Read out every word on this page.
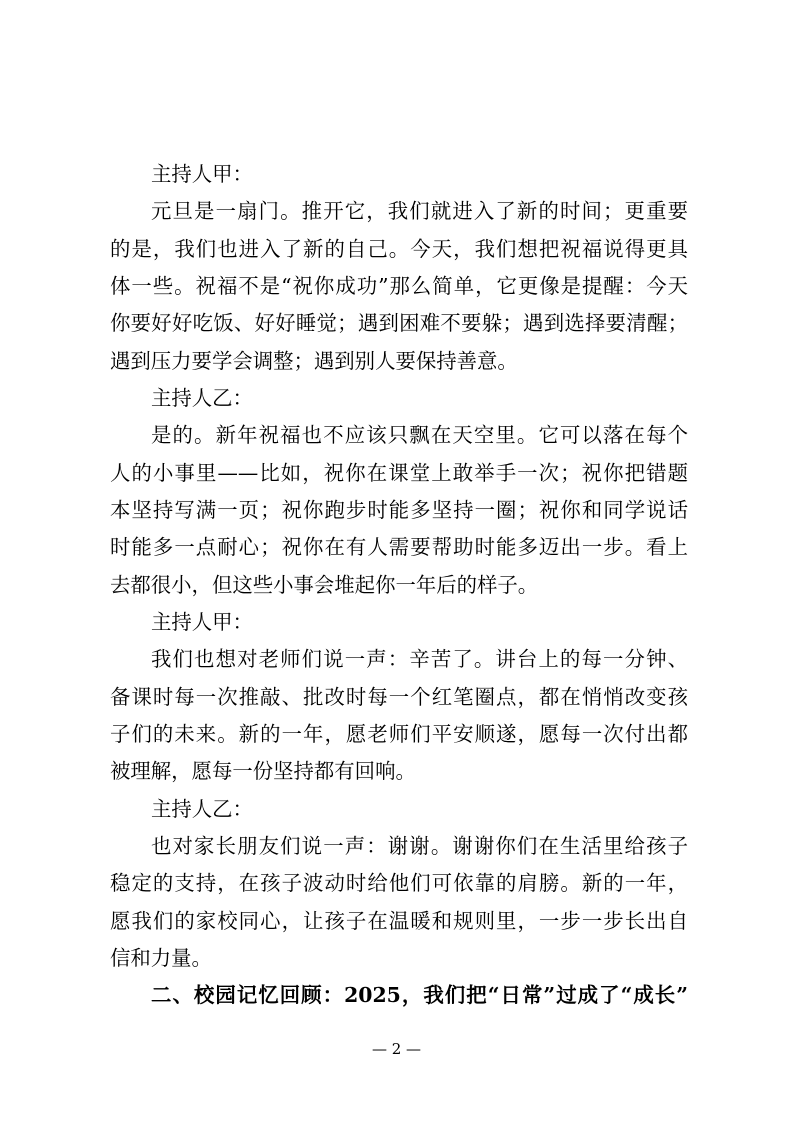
主持人甲：
元旦是一扇门。推开它，我们就进入了新的时间；更重要
的是，我们也进入了新的自己。今天，我们想把祝福说得更具
体一些。祝福不是“祝你成功”那么简单，它更像是提醒：今天
你要好好吃饭、好好睡觉；遇到困难不要躲；遇到选择要清醒；
遇到压力要学会调整；遇到别人要保持善意。
主持人乙：
是的。新年祝福也不应该只飘在天空里。它可以落在每个
人的小事里——比如，祝你在课堂上敢举手一次；祝你把错题
本坚持写满一页；祝你跑步时能多坚持一圈；祝你和同学说话
时能多一点耐心；祝你在有人需要帮助时能多迈出一步。看上
去都很小，但这些小事会堆起你一年后的样子。
主持人甲：
我们也想对老师们说一声：辛苦了。讲台上的每一分钟、
备课时每一次推敲、批改时每一个红笔圈点，都在悄悄改变孩
子们的未来。新的一年，愿老师们平安顺遂，愿每一次付出都
被理解，愿每一份坚持都有回响。
主持人乙：
也对家长朋友们说一声：谢谢。谢谢你们在生活里给孩子
稳定的支持，在孩子波动时给他们可依靠的肩膀。新的一年，
愿我们的家校同心，让孩子在温暖和规则里，一步一步长出自
信和力量。
二、校园记忆回顾：2025，我们把“日常”过成了“成长”
— 2 —
